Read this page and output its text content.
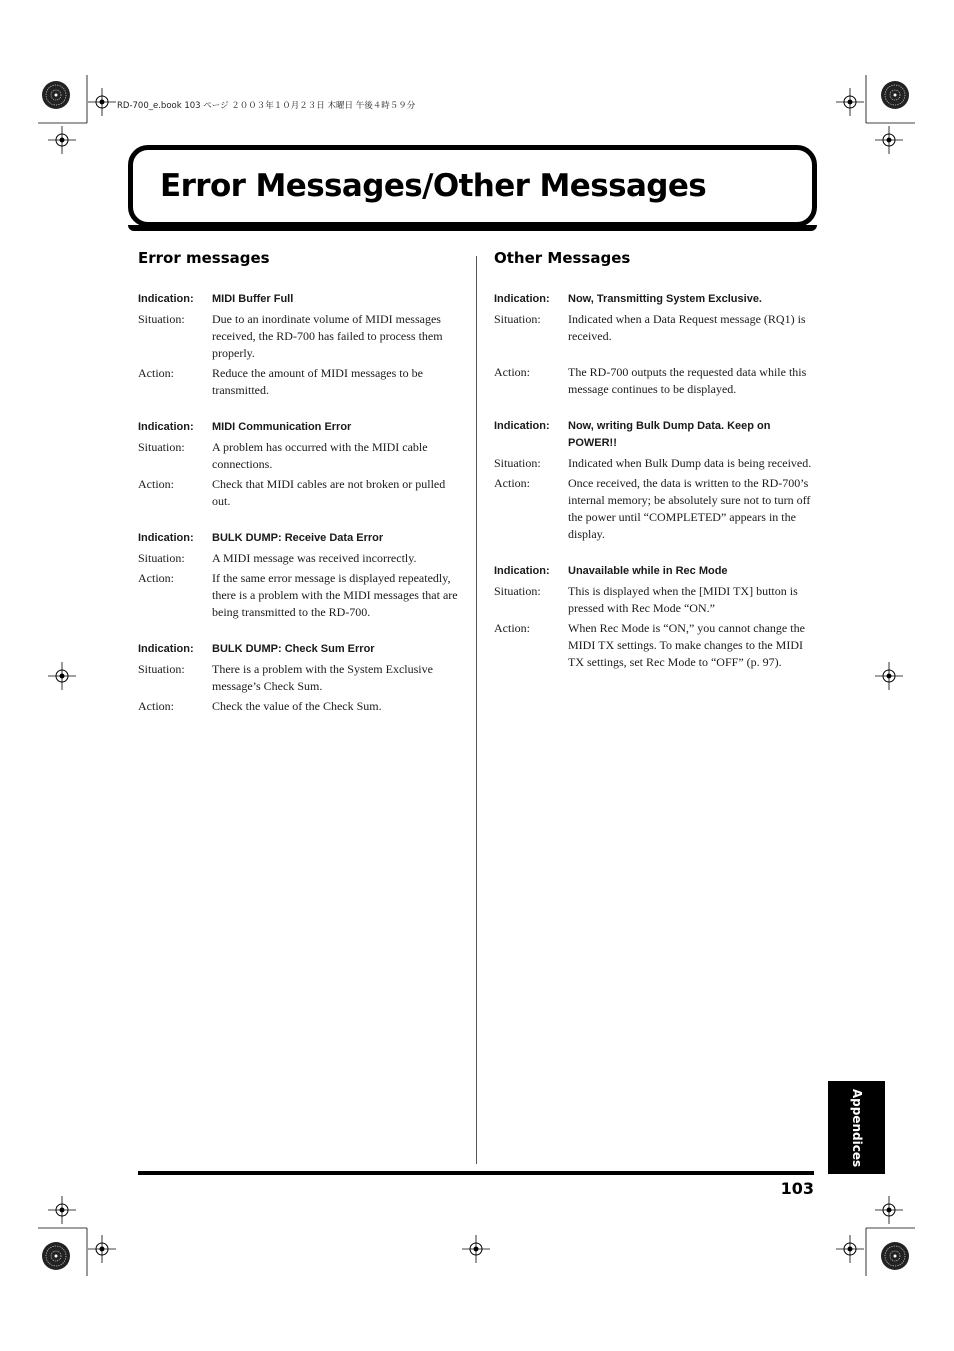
RD-700_e.book 103 ページ ２００３年１０月２３日 木曜日 午後４時５９分
Error Messages/Other Messages
Error messages
Indication:	MIDI Buffer Full
Situation:	Due to an inordinate volume of MIDI messages received, the RD-700 has failed to process them properly.
Action:	Reduce the amount of MIDI messages to be transmitted.
Indication:	MIDI Communication Error
Situation:	A problem has occurred with the MIDI cable connections.
Action:	Check that MIDI cables are not broken or pulled out.
Indication:	BULK DUMP: Receive Data Error
Situation:	A MIDI message was received incorrectly.
Action:	If the same error message is displayed repeatedly, there is a problem with the MIDI messages that are being transmitted to the RD-700.
Indication:	BULK DUMP: Check Sum Error
Situation:	There is a problem with the System Exclusive message’s Check Sum.
Action:	Check the value of the Check Sum.
Other Messages
Indication:	Now, Transmitting System Exclusive.
Situation:	Indicated when a Data Request message (RQ1) is received.
Action:	The RD-700 outputs the requested data while this message continues to be displayed.
Indication:	Now, writing Bulk Dump Data. Keep on POWER!!
Situation:	Indicated when Bulk Dump data is being received.
Action:	Once received, the data is written to the RD-700’s internal memory; be absolutely sure not to turn off the power until “COMPLETED” appears in the display.
Indication:	Unavailable while in Rec Mode
Situation:	This is displayed when the [MIDI TX] button is pressed with Rec Mode “ON.”
Action:	When Rec Mode is “ON,” you cannot change the MIDI TX settings. To make changes to the MIDI TX settings, set Rec Mode to “OFF” (p. 97).
103
Appendices
